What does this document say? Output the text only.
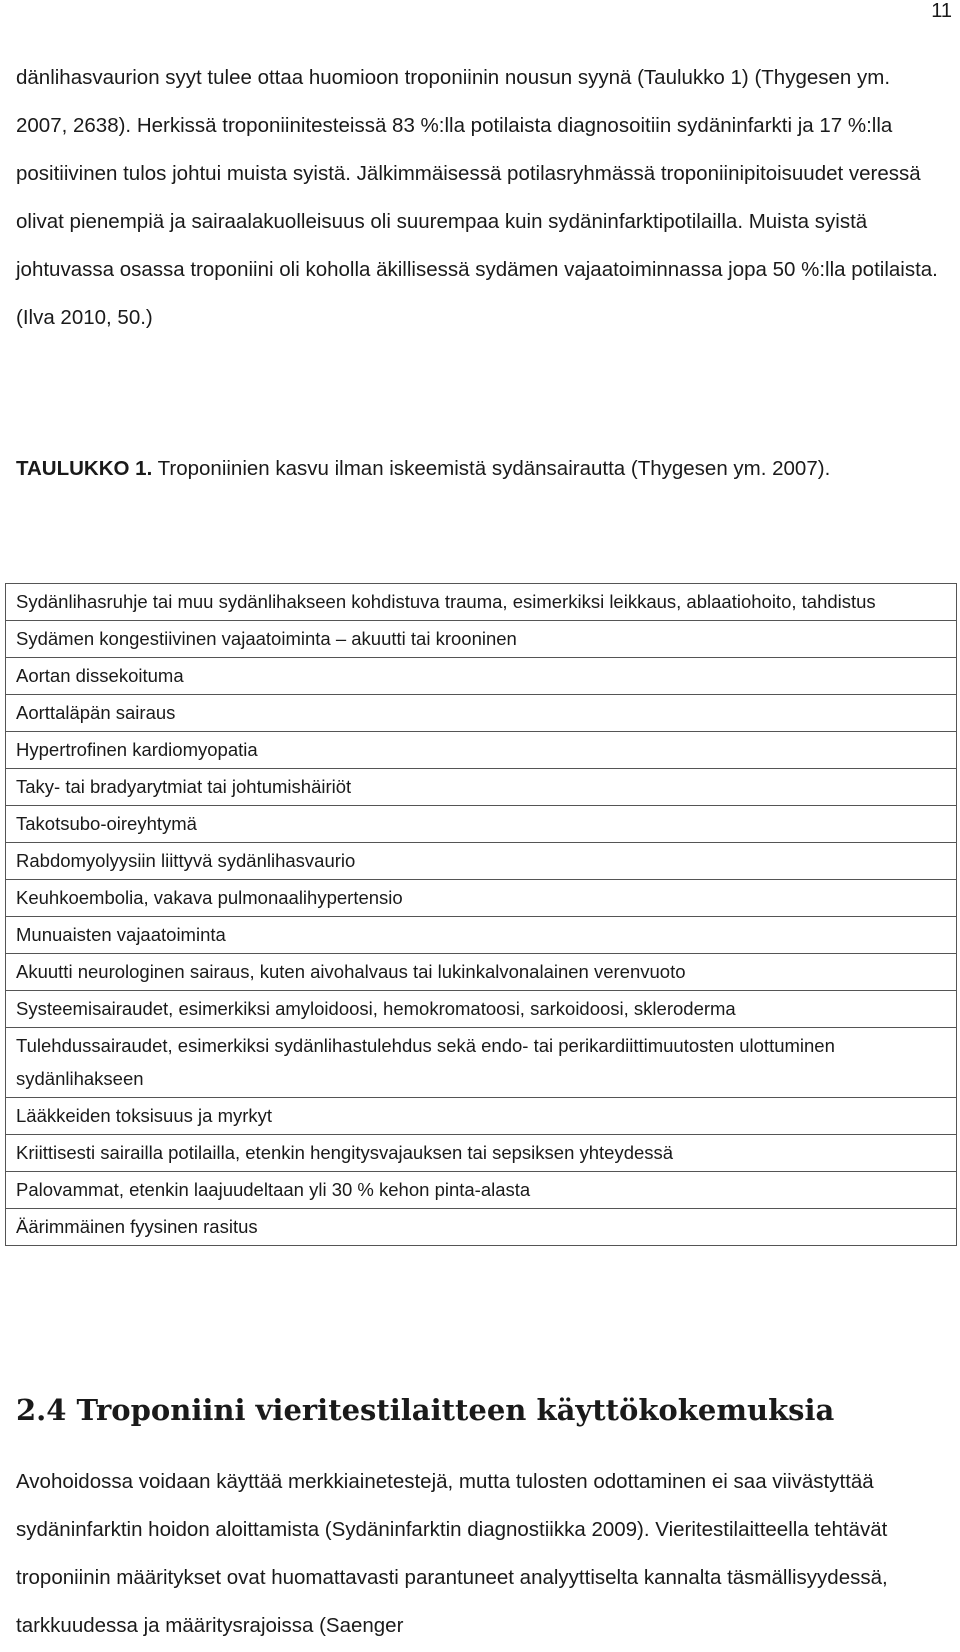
11

dänlihasvaurion syyt tulee ottaa huomioon troponiinin nousun syynä (Taulukko 1) (Thygesen ym. 2007, 2638). Herkissä troponiinitesteissä 83 %:lla potilaista diagnosoitiin sydäninfarkti ja 17 %:lla positiivinen tulos johtui muista syistä. Jälkimmäisessä potilasryhmässä troponiinipitoisuudet veressä olivat pienempiä ja sairaalakuolleisuus oli suurempaa kuin sydäninfarktipotilailla. Muista syistä johtuvassa osassa troponiini oli koholla äkillisessä sydämen vajaatoiminnassa jopa 50 %:lla potilaista. (Ilva 2010, 50.)

TAULUKKO 1. Troponiinien kasvu ilman iskeemistä sydänsairautta (Thygesen ym. 2007).

Sydänlihasruhje tai muu sydänlihakseen kohdistuva trauma, esimerkiksi leikkaus, ablaatiohoito, tahdistus
Sydämen kongestiivinen vajaatoiminta – akuutti tai krooninen
Aortan dissekoituma
Aorttaläpän sairaus
Hypertrofinen kardiomyopatia
Taky- tai bradyarytmiat tai johtumishäiriöt
Takotsubo-oireyhtymä
Rabdomyolyysiin liittyvä sydänlihasvaurio
Keuhkoembolia, vakava pulmonaalihypertensio
Munuaisten vajaatoiminta
Akuutti neurologinen sairaus, kuten aivohalvaus tai lukinkalvonalainen verenvuoto
Systeemisairaudet, esimerkiksi amyloidoosi, hemokromatoosi, sarkoidoosi, skleroderma
Tulehdussairaudet, esimerkiksi sydänlihastulehdus sekä endo- tai perikardiittimuutosten ulottuminen sydänlihakseen
Lääkkeiden toksisuus ja myrkyt
Kriittisesti sairailla potilailla, etenkin hengitysvajauksen tai sepsiksen yhteydessä
Palovammat, etenkin laajuudeltaan yli 30 % kehon pinta-alasta
Äärimmäinen fyysinen rasitus
2.4 Troponiini vieritestilaitteen käyttökokemuksia

Avohoidossa voidaan käyttää merkkiainetestejä, mutta tulosten odottaminen ei saa viivästyttää sydäninfarktin hoidon aloittamista (Sydäninfarktin diagnostiikka 2009). Vieritestilaitteella tehtävät troponiinin määritykset ovat huomattavasti parantuneet analyyttiselta kannalta täsmällisyydessä, tarkkuudessa ja määritysrajoissa (Saenger
